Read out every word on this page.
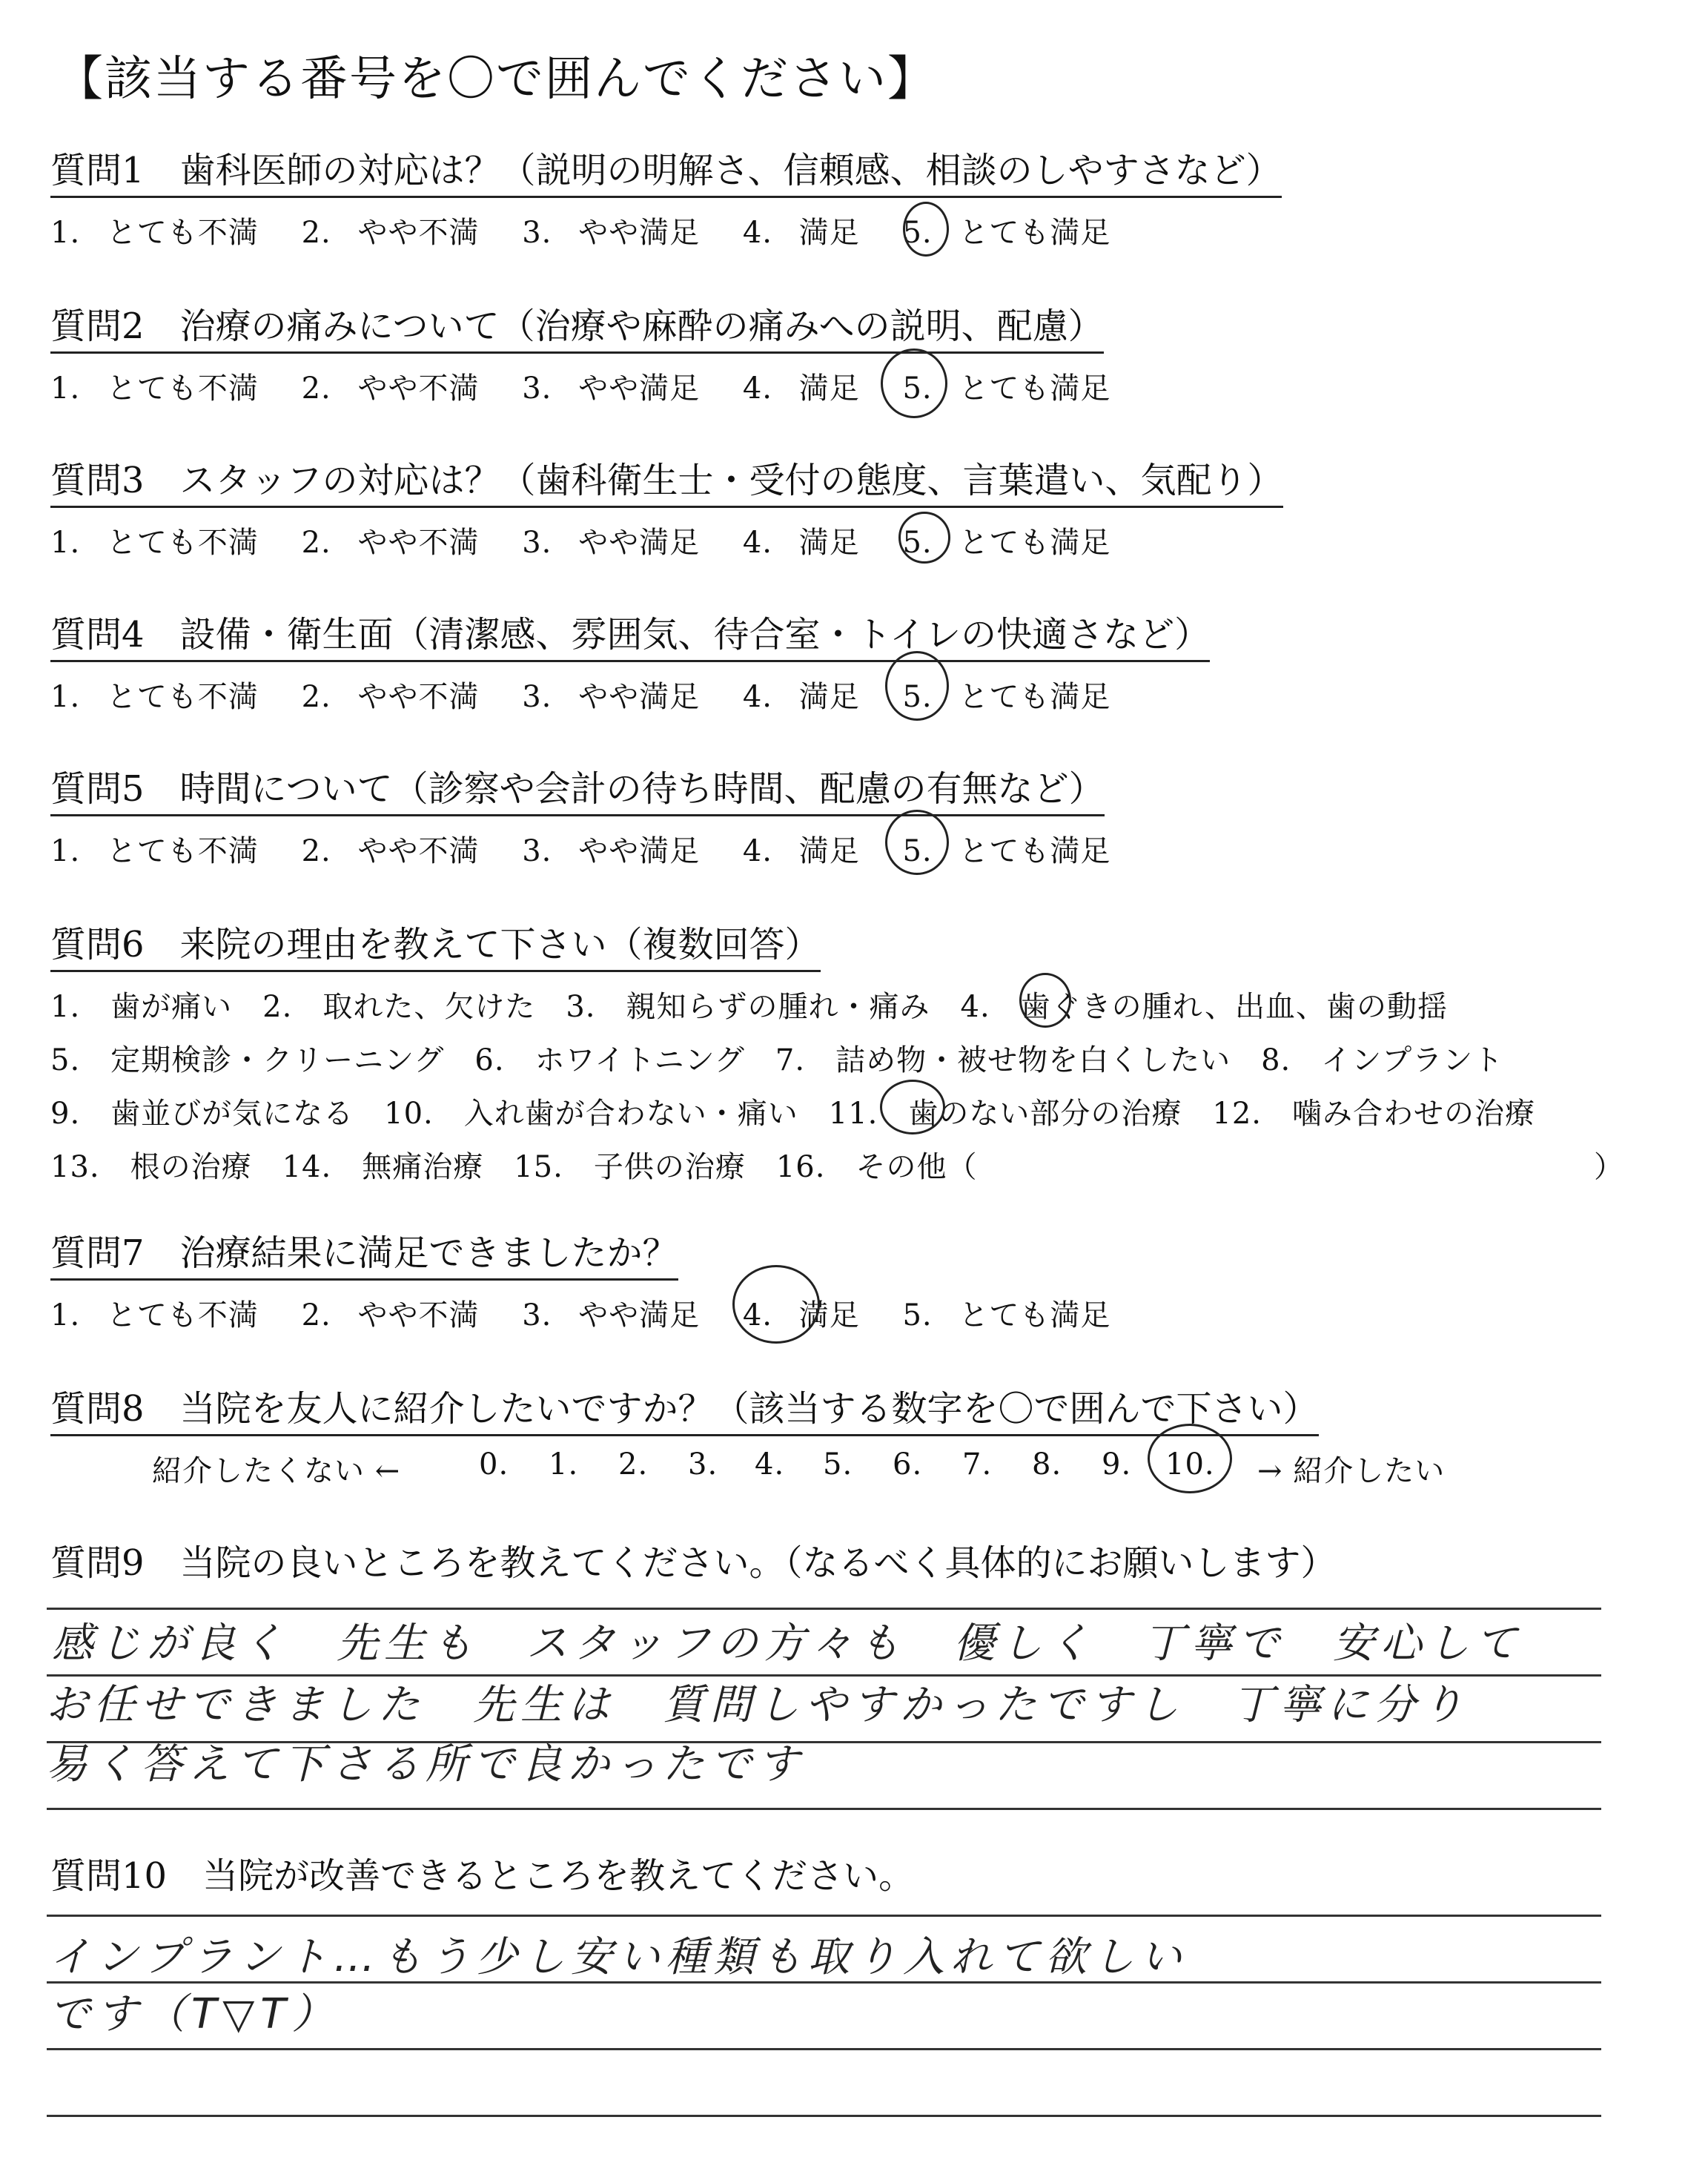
【該当する番号を〇で囲んでください】
質問1　歯科医師の対応は？（説明の明解さ、信頼感、相談のしやすさなど）
1. とても不満 2. やや不満 3. やや満足 4. 満足 5. とても満足
質問2　治療の痛みについて（治療や麻酔の痛みへの説明、配慮）
1. とても不満 2. やや不満 3. やや満足 4. 満足 5. とても満足
質問3　スタッフの対応は？（歯科衛生士・受付の態度、言葉遣い、気配り）
1. とても不満 2. やや不満 3. やや満足 4. 満足 5. とても満足
質問4　設備・衛生面（清潔感、雰囲気、待合室・トイレの快適さなど）
1. とても不満 2. やや不満 3. やや満足 4. 満足 5. とても満足
質問5　時間について（診察や会計の待ち時間、配慮の有無など）
1. とても不満 2. やや不満 3. やや満足 4. 満足 5. とても満足
質問6　来院の理由を教えて下さい（複数回答）
1.　歯が痛い　2.　取れた、欠けた　3.　親知らずの腫れ・痛み　4.　歯ぐきの腫れ、出血、歯の動揺
5.　定期検診・クリーニング　6.　ホワイトニング　7.　詰め物・被せ物を白くしたい　8.　インプラント
9.　歯並びが気になる　10.　入れ歯が合わない・痛い　11.　歯のない部分の治療　12.　噛み合わせの治療
13.　根の治療　14.　無痛治療　15.　子供の治療　16.　その他（	）
質問7　治療結果に満足できましたか？
1. とても不満 2. やや不満 3. やや満足 4. 満足 5. とても満足
質問8　当院を友人に紹介したいですか？（該当する数字を〇で囲んで下さい）
紹介したくない ←	0. 1. 2. 3. 4. 5. 6. 7. 8. 9. 10. → 紹介したい
質問9　当院の良いところを教えてください。（なるべく具体的にお願いします）
感じが良く　先生も　スタッフの方々も　優しく　丁寧で　安心して
お任せできました　先生は　質問しやすかったですし　丁寧に分り
易く答えて下さる所で良かったです
質問10　当院が改善できるところを教えてください。
インプラント…もう少し安い種類も取り入れて欲しい
です（T▽T）
